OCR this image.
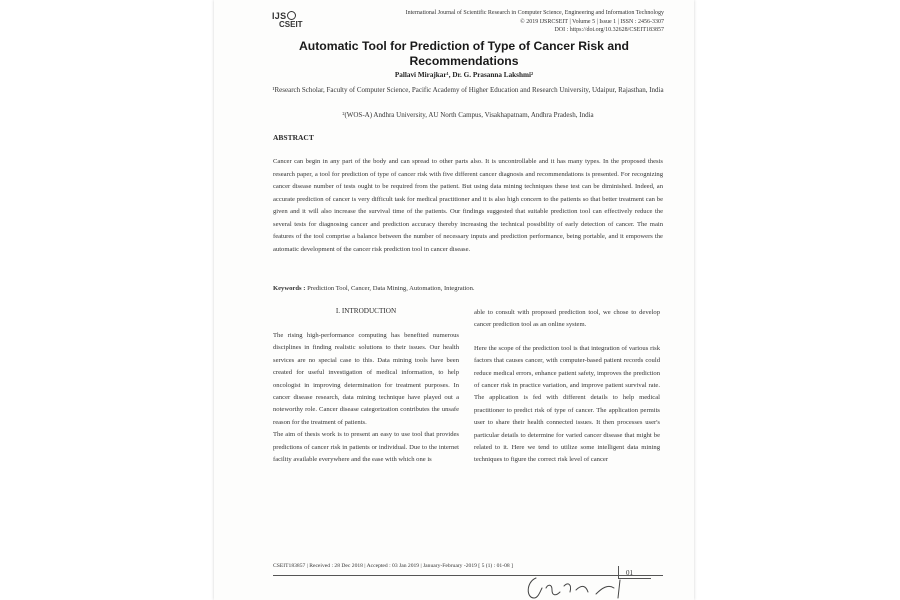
IJS
CSEIT
International Journal of Scientific Research in Computer Science, Engineering and Information Technology
© 2019 IJSRCSEIT | Volume 5 | Issue 1 | ISSN : 2456-3307
DOI : https://doi.org/10.32628/CSEIT183857
Automatic Tool for Prediction of Type of Cancer Risk and Recommendations
Pallavi Mirajkar¹, Dr. G. Prasanna Lakshmi²
¹Research Scholar, Faculty of Computer Science, Pacific Academy of Higher Education and Research University, Udaipur, Rajasthan, India
²(WOS-A) Andhra University, AU North Campus, Visakhapatnam, Andhra Pradesh, India
ABSTRACT
Cancer can begin in any part of the body and can spread to other parts also. It is uncontrollable and it has many types. In the proposed thesis research paper, a tool for prediction of type of cancer risk with five different cancer diagnosis and recommendations is presented. For recognizing cancer disease number of tests ought to be required from the patient. But using data mining techniques these test can be diminished. Indeed, an accurate prediction of cancer is very difficult task for medical practitioner and it is also high concern to the patients so that better treatment can be given and it will also increase the survival time of the patients. Our findings suggested that suitable prediction tool can effectively reduce the several tests for diagnosing cancer and prediction accuracy thereby increasing the technical possibility of early detection of cancer. The main features of the tool comprise a balance between the number of necessary inputs and prediction performance, being portable, and it empowers the automatic development of the cancer risk prediction tool in cancer disease.
Keywords : Prediction Tool, Cancer, Data Mining, Automation, Integration.
I. INTRODUCTION

The rising high-performance computing has benefited numerous disciplines in finding realistic solutions to their issues. Our health services are no special case to this. Data mining tools have been created for useful investigation of medical information, to help oncologist in improving determination for treatment purposes. In cancer disease research, data mining technique have played out a noteworthy role. Cancer disease categorization contributes the unsafe reason for the treatment of patients.

The aim of thesis work is to present an easy to use tool that provides predictions of cancer risk in patients or individual. Due to the internet facility available everywhere and the ease with which one is

able to consult with proposed prediction tool, we chose to develop cancer prediction tool as an online system.

Here the scope of the prediction tool is that integration of various risk factors that causes cancer, with computer-based patient records could reduce medical errors, enhance patient safety, improves the prediction of cancer risk in practice variation, and improve patient survival rate. The application is fed with different details to help medical practitioner to predict risk of type of cancer. The application permits user to share their health connected issues. It then processes user's particular details to determine for varied cancer disease that might be related to it. Here we tend to utilize some intelligent data mining techniques to figure the correct risk level of cancer

CSEIT183857 | Received : 28 Dec 2018 | Accepted : 03 Jan 2019 | January-February -2019 [ 5 (1) : 01-08 ]
01
